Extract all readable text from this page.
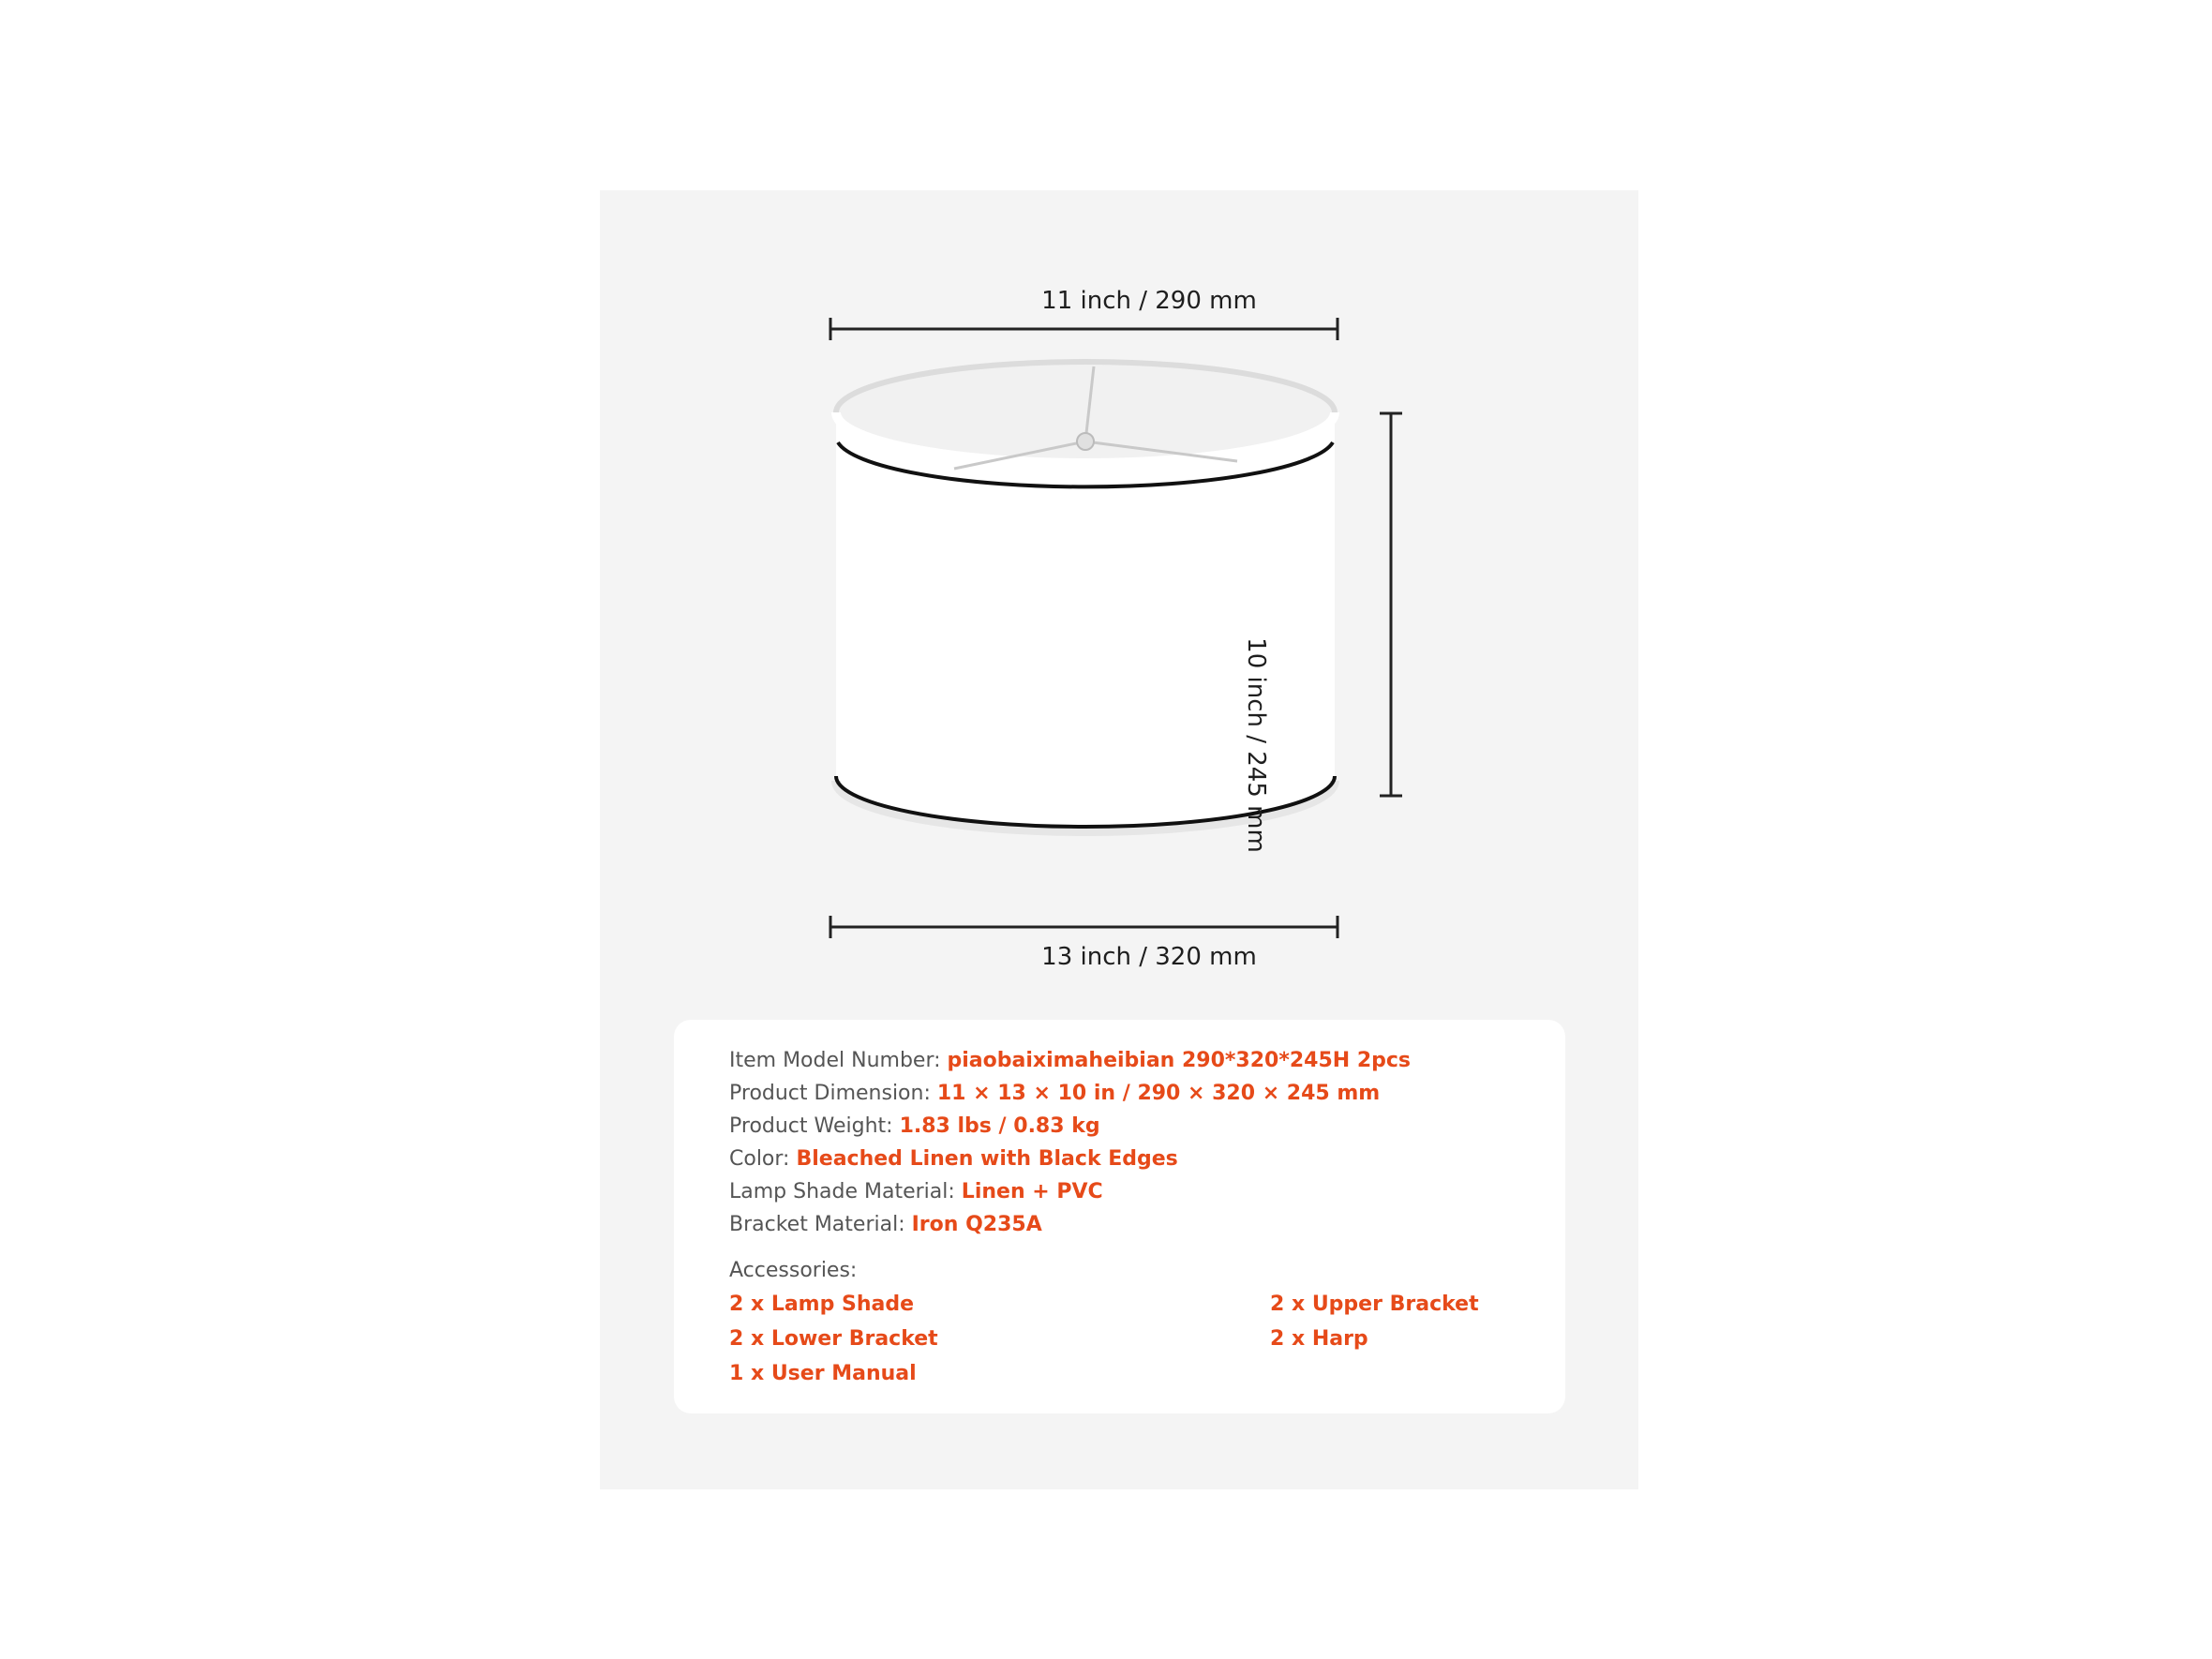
11 inch / 290 mm
13 inch / 320 mm
Item Model Number: piaobaiximaheibian 290*320*245H 2pcs
Product Dimension: 11 × 13 × 10 in / 290 × 320 × 245 mm
Product Weight: 1.83 lbs / 0.83 kg
Color: Bleached Linen with Black Edges
Lamp Shade Material: Linen + PVC
Bracket Material: Iron Q235A
Accessories:
2 x Lamp Shade	2 x Upper Bracket
2 x Lower Bracket	2 x Harp
1 x User Manual
10 inch / 245 mm
